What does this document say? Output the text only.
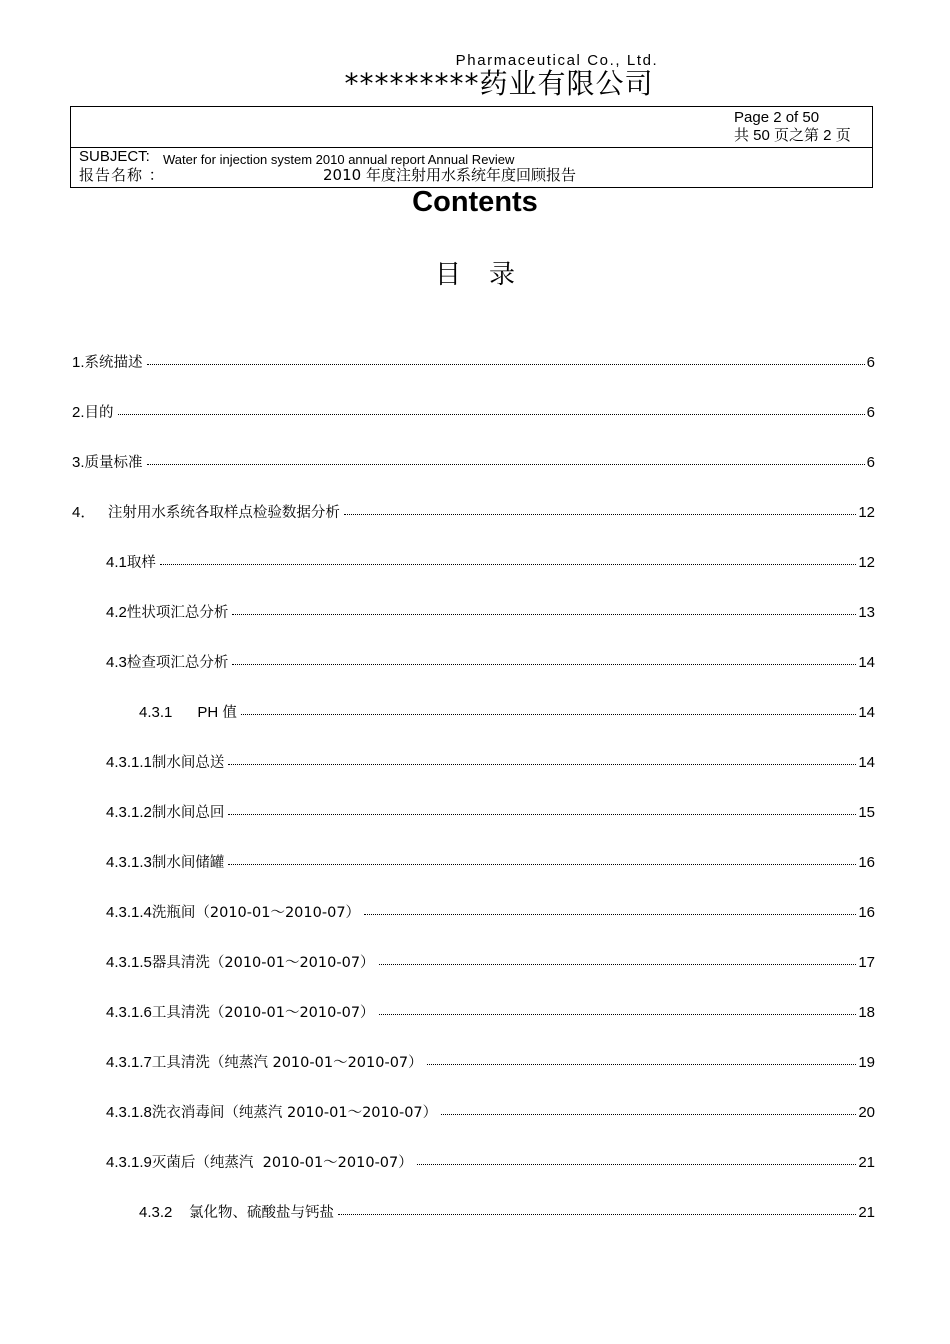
Pharmaceutical Co., Ltd.
*********药业有限公司
Page 2 of 50
共 50 页之第 2 页
SUBJECT: Water for injection system 2010 annual report Annual Review
报告名称 ：	2010 年度注射用水系统年度回顾报告
Contents
目录
1. 系统描述	6
2. 目的	6
3. 质量标准	6
4． 注射用水系统各取样点检验数据分析	12
4.1 取样	12
4.2 性状项汇总分析	13
4.3 检查项汇总分析	14
4.3.1      PH 值	14
4.3.1.1 制水间总送	14
4.3.1.2 制水间总回	15
4.3.1.3 制水间储罐	16
4.3.1.4 洗瓶间（2010-01～2010-07）	16
4.3.1.5 器具清洗（2010-01～2010-07）	17
4.3.1.6 工具清洗（2010-01～2010-07）	18
4.3.1.7 工具清洗（纯蒸汽 2010-01～2010-07）	19
4.3.1.8 洗衣消毒间（纯蒸汽 2010-01～2010-07）	20
4.3.1.9 灭菌后（纯蒸汽  2010-01～2010-07）	21
4.3.2 氯化物、硫酸盐与钙盐	21
